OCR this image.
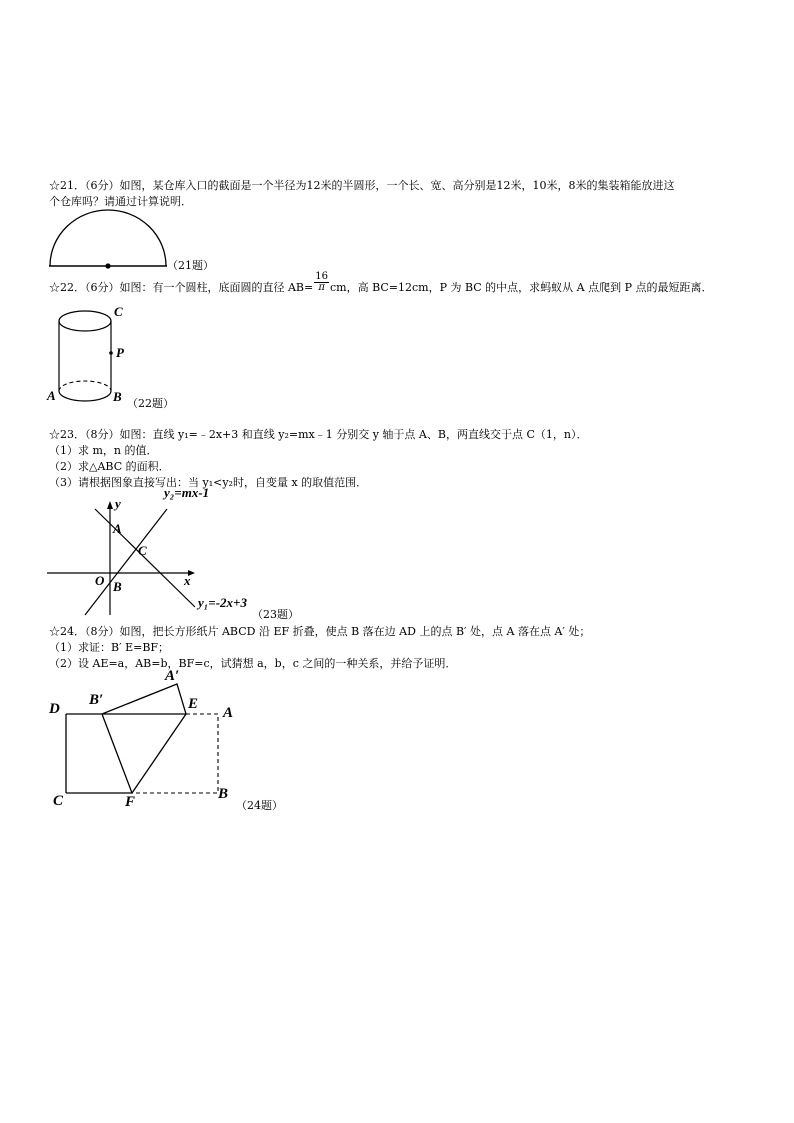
☆21．（6分）如图，某仓库入口的截面是一个半径为12米的半圆形，一个长、宽、高分别是12米，10米，8米的集装箱能放进这
个仓库吗？请通过计算说明．
（21题）
☆22．（6分）如图：有一个圆柱，底面圆的直径 $AB= \frac{16}{\pi}$ cm，高 BC=12cm，P 为 BC 的中点，求蚂蚁从 A 点爬到 P 点的最短距离．
C
P
A	B （22题）
☆23．（8分）如图：直线 y₁=﹣2x+3 和直线 y₂=mx﹣1 分别交 y 轴于点 A、B，两直线交于点 C（1，n）．
（1）求 m，n 的值．
（2）求△ABC 的面积．
（3）请根据图象直接写出：当 y₁<y₂时，自变量 x 的取值范围．
y
y₂=mx-1
A
C
O	x
B
y₁=-2x+3
（23题）
☆24．（8分）如图，把长方形纸片 ABCD 沿 EF 折叠，使点 B 落在边 AD 上的点 B′ 处，点 A 落在点 A′ 处；
（1）求证：B′ E=BF；
（2）设 AE=a，AB=b，BF=c，试猜想 a，b，c 之间的一种关系，并给予证明．
D
B′
A′
E
A
C	F	B
（24题）
